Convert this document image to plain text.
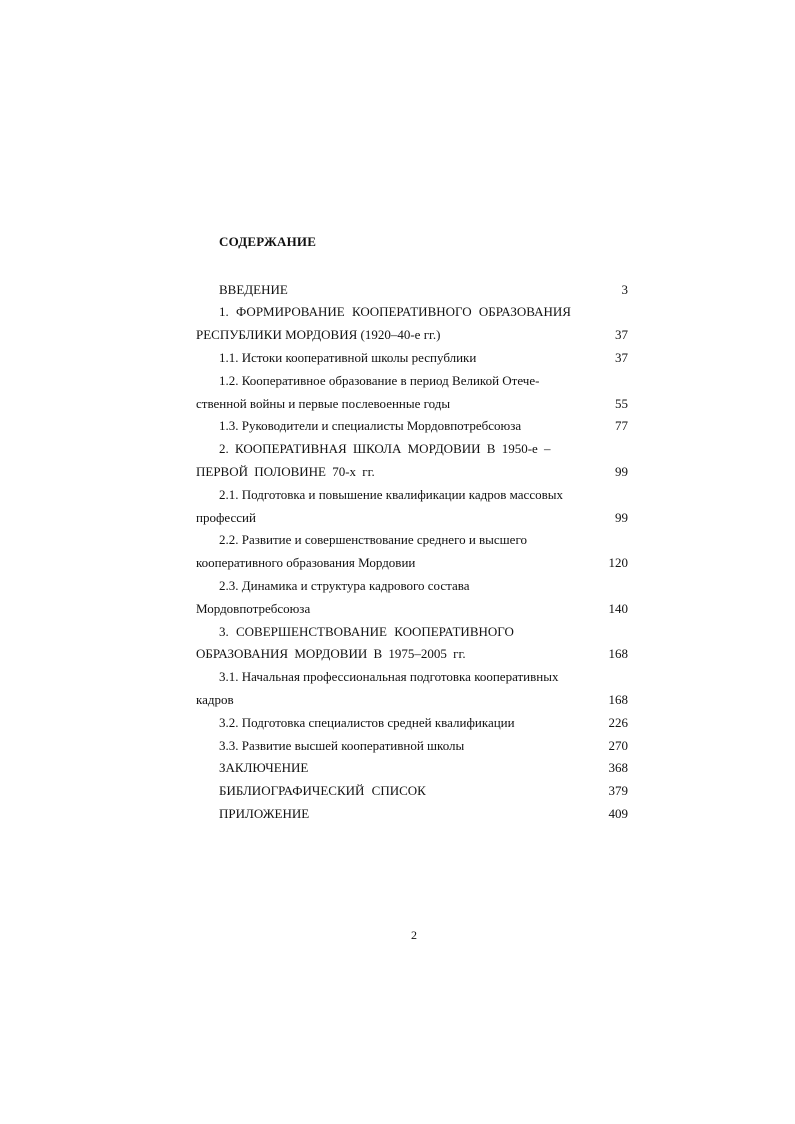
СОДЕРЖАНИЕ
ВВЕДЕНИЕ	3
1. ФОРМИРОВАНИЕ КООПЕРАТИВНОГО ОБРАЗОВАНИЯ
РЕСПУБЛИКИ МОРДОВИЯ (1920–40-е гг.)	37
1.1. Истоки кооперативной школы республики	37
1.2. Кооперативное образование в период Великой Отече-
ственной войны и первые послевоенные годы	55
1.3. Руководители и специалисты Мордовпотребсоюза	77
2. КООПЕРАТИВНАЯ ШКОЛА МОРДОВИИ В 1950-е –
ПЕРВОЙ ПОЛОВИНЕ 70-х гг.	99
2.1. Подготовка и повышение квалификации кадров массовых
профессий	99
2.2. Развитие и совершенствование среднего и высшего
кооперативного образования Мордовии	120
2.3. Динамика и структура кадрового состава
Мордовпотребсоюза	140
3. СОВЕРШЕНСТВОВАНИЕ КООПЕРАТИВНОГО
ОБРАЗОВАНИЯ МОРДОВИИ В 1975–2005 гг.	168
3.1. Начальная профессиональная подготовка кооперативных
кадров	168
3.2. Подготовка специалистов средней квалификации	226
3.3. Развитие высшей кооперативной школы	270
ЗАКЛЮЧЕНИЕ	368
БИБЛИОГРАФИЧЕСКИЙ СПИСОК	379
ПРИЛОЖЕНИЕ	409
2
